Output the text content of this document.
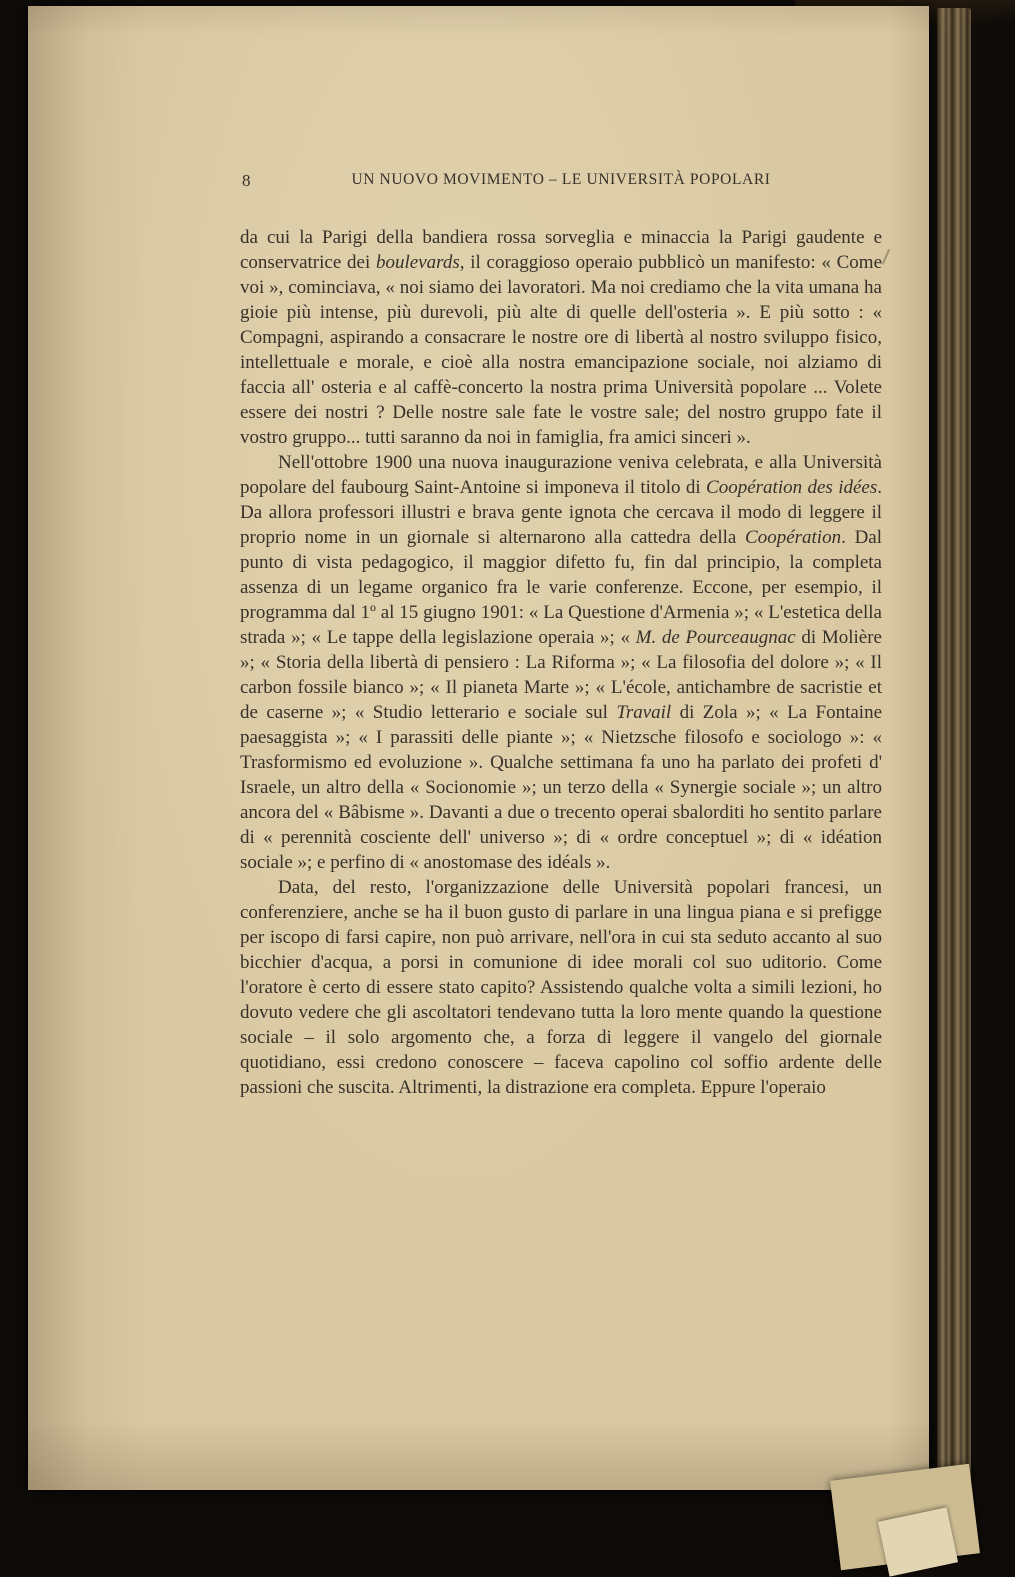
8	UN NUOVO MOVIMENTO – LE UNIVERSITÀ POPOLARI

da cui la Parigi della bandiera rossa sorveglia e minaccia la Parigi gaudente e conservatrice dei boulevards, il coraggioso operaio pubblicò un manifesto: « Come voi », cominciava, « noi siamo dei lavoratori. Ma noi crediamo che la vita umana ha gioie più intense, più durevoli, più alte di quelle dell'osteria ». E più sotto : « Compagni, aspirando a consacrare le nostre ore di libertà al nostro sviluppo fisico, intellettuale e morale, e cioè alla nostra emancipazione sociale, noi alziamo di faccia all' osteria e al caffè-concerto la nostra prima Università popolare ... Volete essere dei nostri ? Delle nostre sale fate le vostre sale; del nostro gruppo fate il vostro gruppo... tutti saranno da noi in famiglia, fra amici sinceri ».

Nell'ottobre 1900 una nuova inaugurazione veniva celebrata, e alla Università popolare del faubourg Saint-Antoine si imponeva il titolo di Coopération des idées. Da allora professori illustri e brava gente ignota che cercava il modo di leggere il proprio nome in un giornale si alternarono alla cattedra della Coopération. Dal punto di vista pedagogico, il maggior difetto fu, fin dal principio, la completa assenza di un legame organico fra le varie conferenze. Eccone, per esempio, il programma dal 1º al 15 giugno 1901: « La Questione d'Armenia »; « L'estetica della strada »; « Le tappe della legislazione operaia »; « M. de Pourceaugnac di Molière »; « Storia della libertà di pensiero : La Riforma »; « La filosofia del dolore »; « Il carbon fossile bianco »; « Il pianeta Marte »; « L'école, antichambre de sacristie et de caserne »; « Studio letterario e sociale sul Travail di Zola »; « La Fontaine paesaggista »; « I parassiti delle piante »; « Nietzsche filosofo e sociologo »: « Trasformismo ed evoluzione ». Qualche settimana fa uno ha parlato dei profeti d' Israele, un altro della « Socionomie »; un terzo della « Synergie sociale »; un altro ancora del « Bâbisme ». Davanti a due o trecento operai sbalorditi ho sentito parlare di « perennità cosciente dell' universo »; di « ordre conceptuel »; di « idéation sociale »; e perfino di « anostomase des idéals ».

Data, del resto, l'organizzazione delle Università popolari francesi, un conferenziere, anche se ha il buon gusto di parlare in una lingua piana e si prefigge per iscopo di farsi capire, non può arrivare, nell'ora in cui sta seduto accanto al suo bicchier d'acqua, a porsi in comunione di idee morali col suo uditorio. Come l'oratore è certo di essere stato capito? Assistendo qualche volta a simili lezioni, ho dovuto vedere che gli ascoltatori tendevano tutta la loro mente quando la questione sociale – il solo argomento che, a forza di leggere il vangelo del giornale quotidiano, essi credono conoscere – faceva capolino col soffio ardente delle passioni che suscita. Altrimenti, la distrazione era completa. Eppure l'operaio
